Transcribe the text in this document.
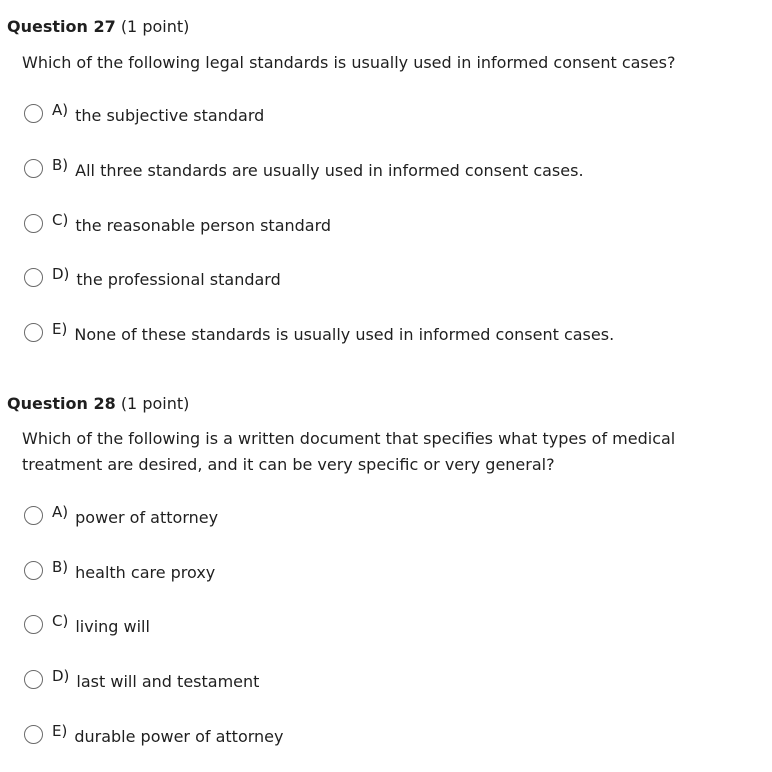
Question 27 (1 point)
Which of the following legal standards is usually used in informed consent cases?
A) the subjective standard
B) All three standards are usually used in informed consent cases.
C) the reasonable person standard
D) the professional standard
E) None of these standards is usually used in informed consent cases.
Question 28 (1 point)
Which of the following is a written document that specifies what types of medical treatment are desired, and it can be very specific or very general?
A) power of attorney
B) health care proxy
C) living will
D) last will and testament
E) durable power of attorney
